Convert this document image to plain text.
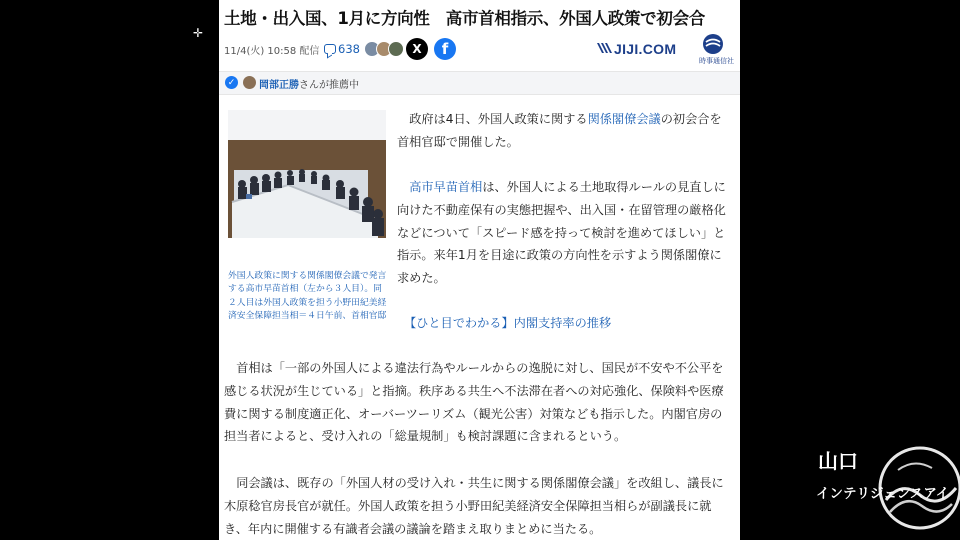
✛
土地・出入国、1月に方向性　高市首相指示、外国人政策で初会合
11/4(火) 10:58 配信 638	X f	JIJI.COM
時事通信社
✓ 岡部正勝さんが推薦中
外国人政策に関する関係閣僚会議で発言する高市早苗首相（左から３人目）。同２人目は外国人政策を担う小野田紀美経済安全保障担当相＝４日午前、首相官邸
政府は4日、外国人政策に関する関係閣僚会議の初会合を首相官邸で開催した。
高市早苗首相は、外国人による土地取得ルールの見直しに向けた不動産保有の実態把握や、出入国・在留管理の厳格化などについて「スピード感を持って検討を進めてほしい」と指示。来年1月を目途に政策の方向性を示すよう関係閣僚に求めた。
【ひと目でわかる】内閣支持率の推移
首相は「一部の外国人による違法行為やルールからの逸脱に対し、国民が不安や不公平を感じる状況が生じている」と指摘。秩序ある共生へ不法滞在者への対応強化、保険料や医療費に関する制度適正化、オーバーツーリズム（観光公害）対策なども指示した。内閣官房の担当者によると、受け入れの「総量規制」も検討課題に含まれるという。
同会議は、既存の「外国人材の受け入れ・共生に関する関係閣僚会議」を改組し、議長に木原稔官房長官が就任。外国人政策を担う小野田紀美経済安全保障担当相らが副議長に就き、年内に開催する有識者会議の議論を踏まえ取りまとめに当たる。
山口
インテリジェンスアイ
